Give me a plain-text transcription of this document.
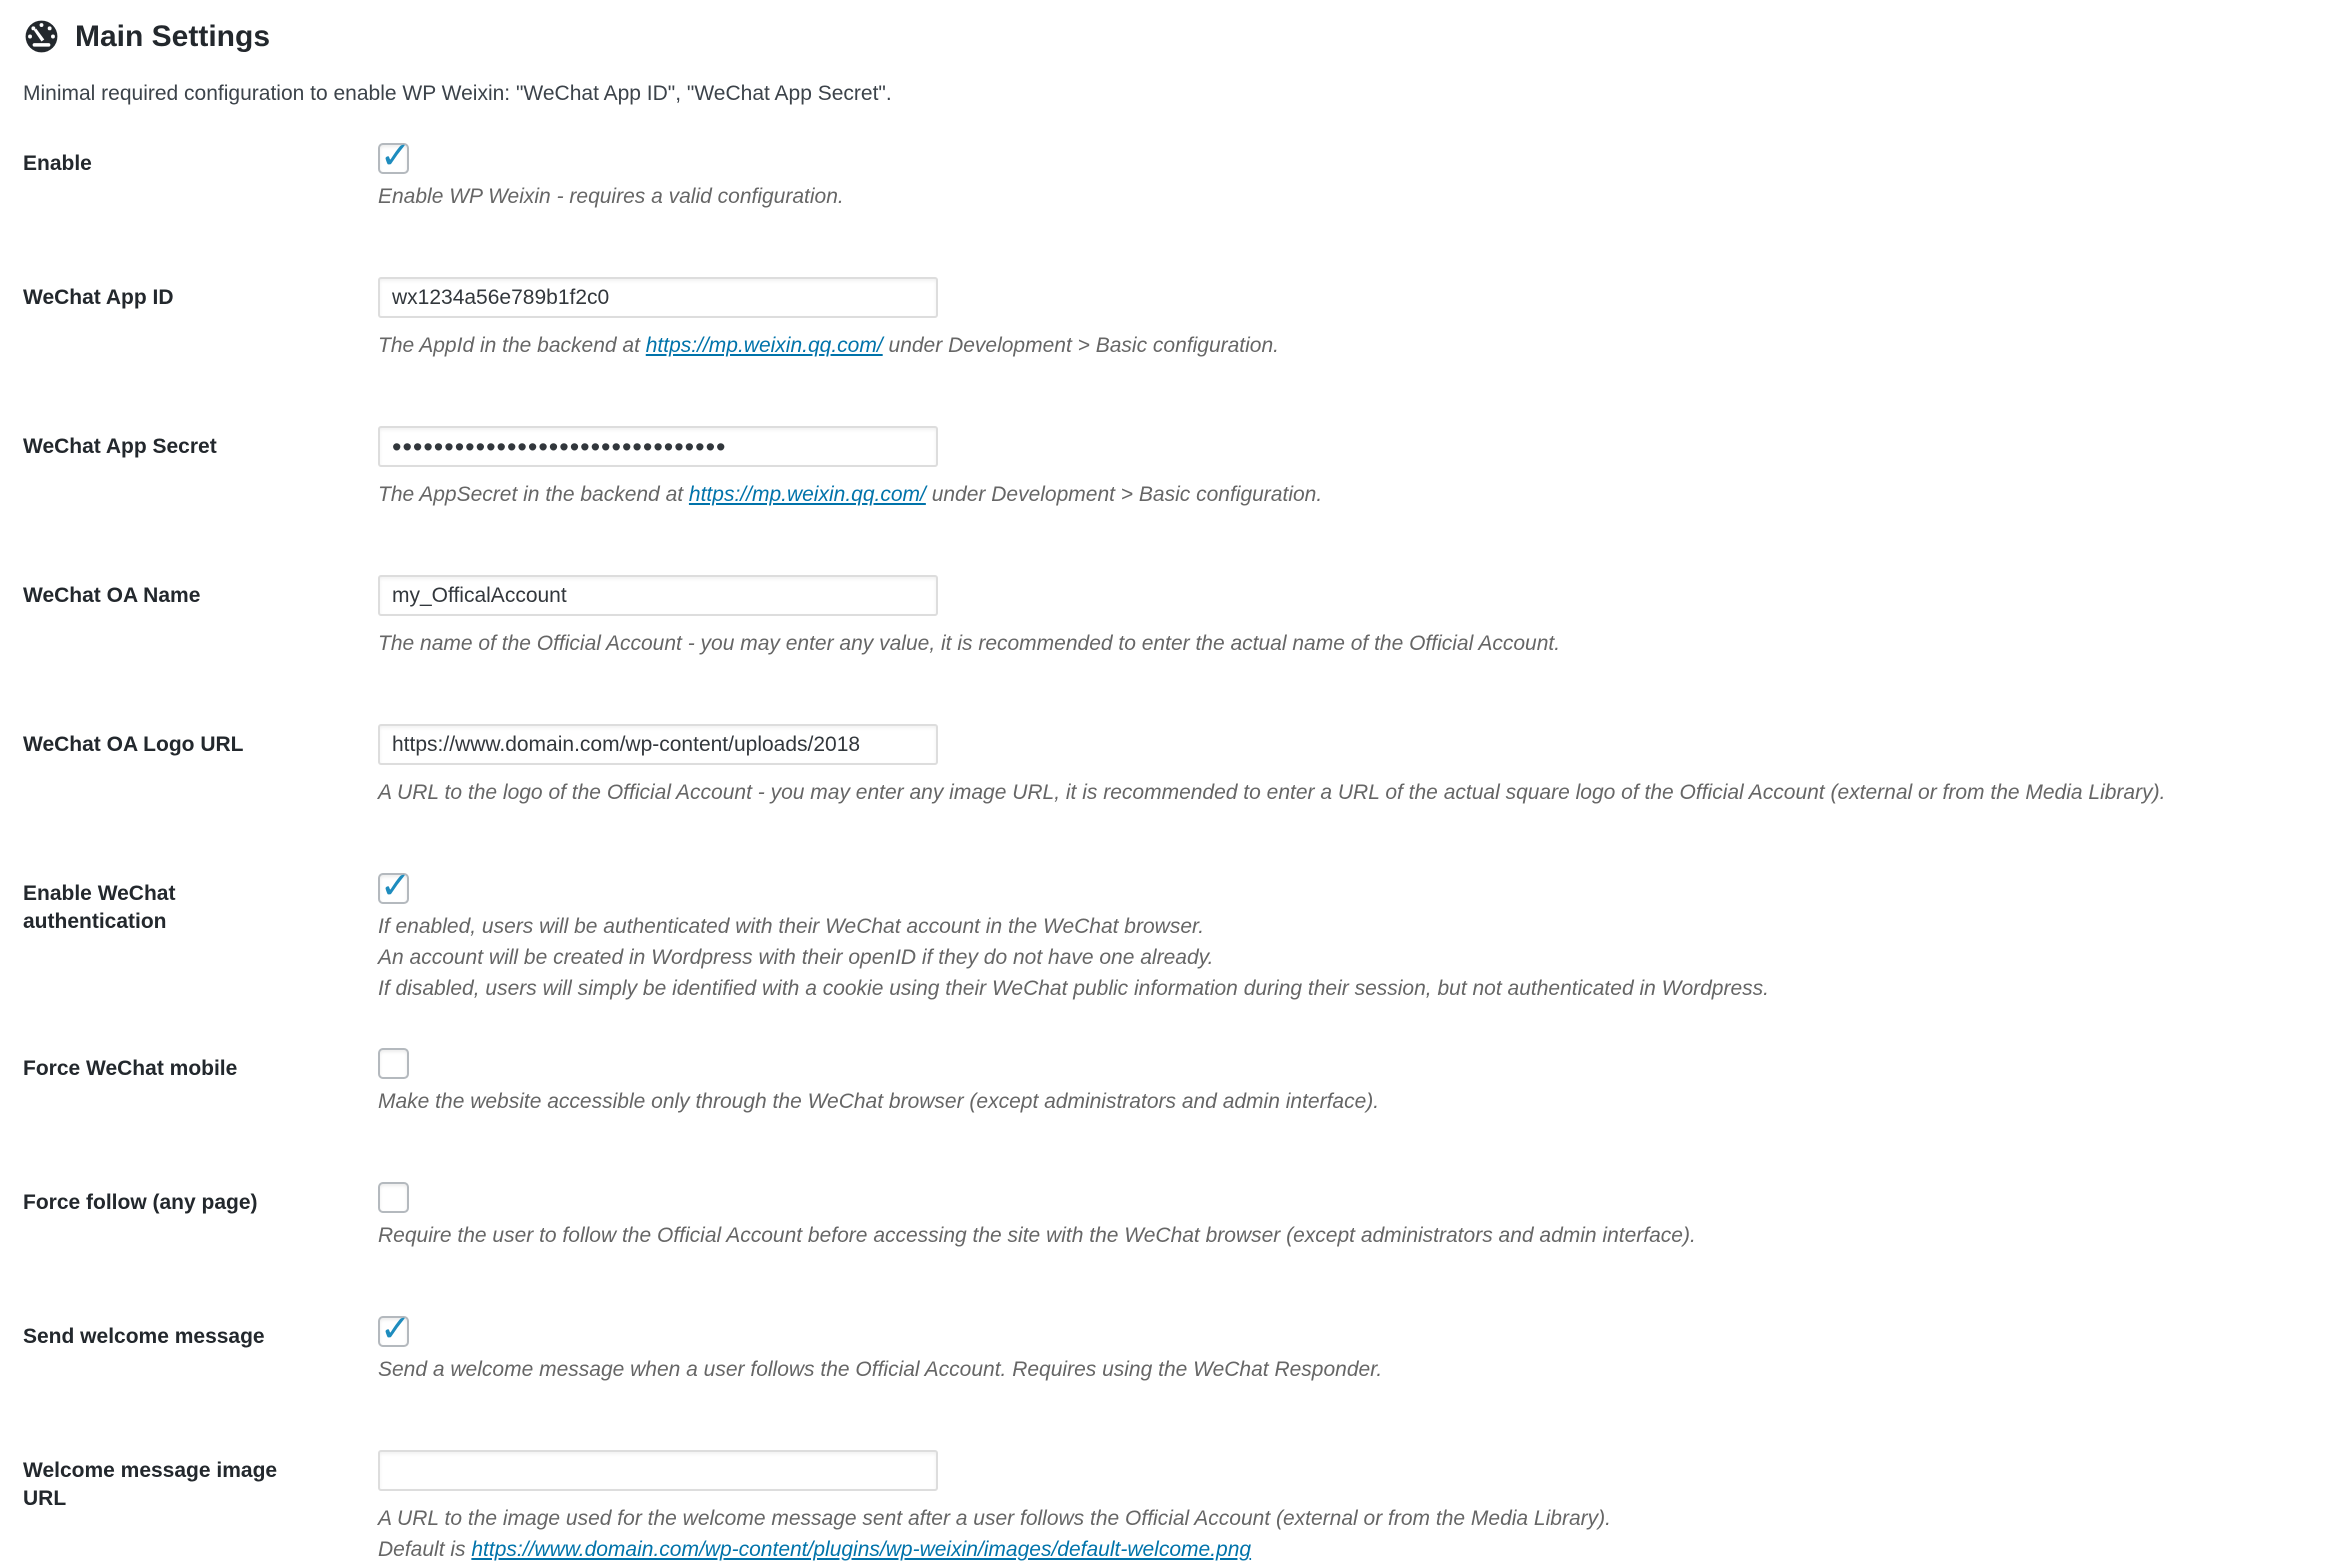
Main Settings

Minimal required configuration to enable WP Weixin: "WeChat App ID", "WeChat App Secret".

Enable
✓

Enable WP Weixin - requires a valid configuration.

WeChat App ID
wx1234a56e789b1f2c0

The AppId in the backend at https://mp.weixin.qq.com/ under Development > Basic configuration.

WeChat App Secret
••••••••••••••••••••••••••••••••

The AppSecret in the backend at https://mp.weixin.qq.com/ under Development > Basic configuration.

WeChat OA Name
my_OfficalAccount

The name of the Official Account - you may enter any value, it is recommended to enter the actual name of the Official Account.

WeChat OA Logo URL
https://www.domain.com/wp-content/uploads/2018

A URL to the logo of the Official Account - you may enter any image URL, it is recommended to enter a URL of the actual square logo of the Official Account (external or from the Media Library).

Enable WeChat authentication
✓	If enabled, users will be authenticated with their WeChat account in the WeChat browser.
An account will be created in Wordpress with their openID if they do not have one already.
If disabled, users will simply be identified with a cookie using their WeChat public information during their session, but not authenticated in Wordpress.
Force WeChat mobile

Make the website accessible only through the WeChat browser (except administrators and admin interface).

Force follow (any page)

Require the user to follow the Official Account before accessing the site with the WeChat browser (except administrators and admin interface).

Send welcome message
✓

Send a welcome message when a user follows the Official Account. Requires using the WeChat Responder.

Welcome message image URL
A URL to the image used for the welcome message sent after a user follows the Official Account (external or from the Media Library).
Default is https://www.domain.com/wp-content/plugins/wp-weixin/images/default-welcome.png
